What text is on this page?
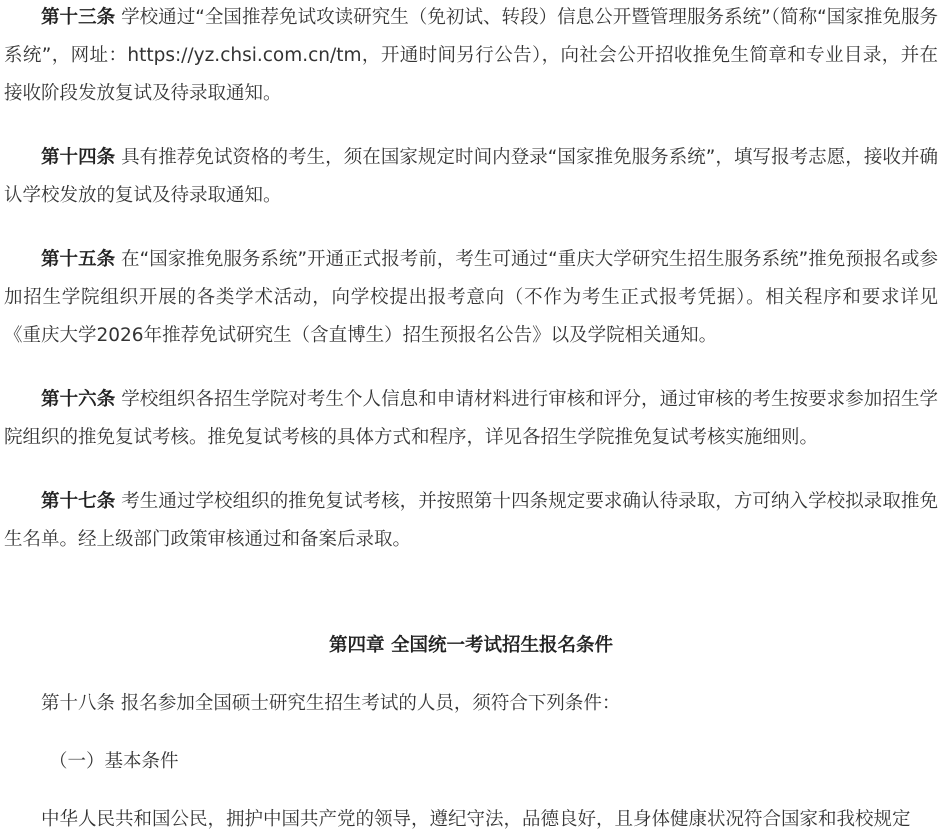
第十三条 学校通过“全国推荐免试攻读研究生（免初试、转段）信息公开暨管理服务系统”（简称“国家推免服务系统”，网址：https://yz.chsi.com.cn/tm，开通时间另行公告），向社会公开招收推免生简章和专业目录，并在接收阶段发放复试及待录取通知。

第十四条 具有推荐免试资格的考生，须在国家规定时间内登录“国家推免服务系统”，填写报考志愿，接收并确认学校发放的复试及待录取通知。

第十五条 在“国家推免服务系统”开通正式报考前，考生可通过“重庆大学研究生招生服务系统”推免预报名或参加招生学院组织开展的各类学术活动，向学校提出报考意向（不作为考生正式报考凭据）。相关程序和要求详见《重庆大学2026年推荐免试研究生（含直博生）招生预报名公告》以及学院相关通知。

第十六条 学校组织各招生学院对考生个人信息和申请材料进行审核和评分，通过审核的考生按要求参加招生学院组织的推免复试考核。推免复试考核的具体方式和程序，详见各招生学院推免复试考核实施细则。

第十七条 考生通过学校组织的推免复试考核，并按照第十四条规定要求确认待录取，方可纳入学校拟录取推免生名单。经上级部门政策审核通过和备案后录取。

第四章 全国统一考试招生报名条件

第十八条 报名参加全国硕士研究生招生考试的人员，须符合下列条件：

（一）基本条件

中华人民共和国公民，拥护中国共产党的领导，遵纪守法，品德良好，且身体健康状况符合国家和我校规定
